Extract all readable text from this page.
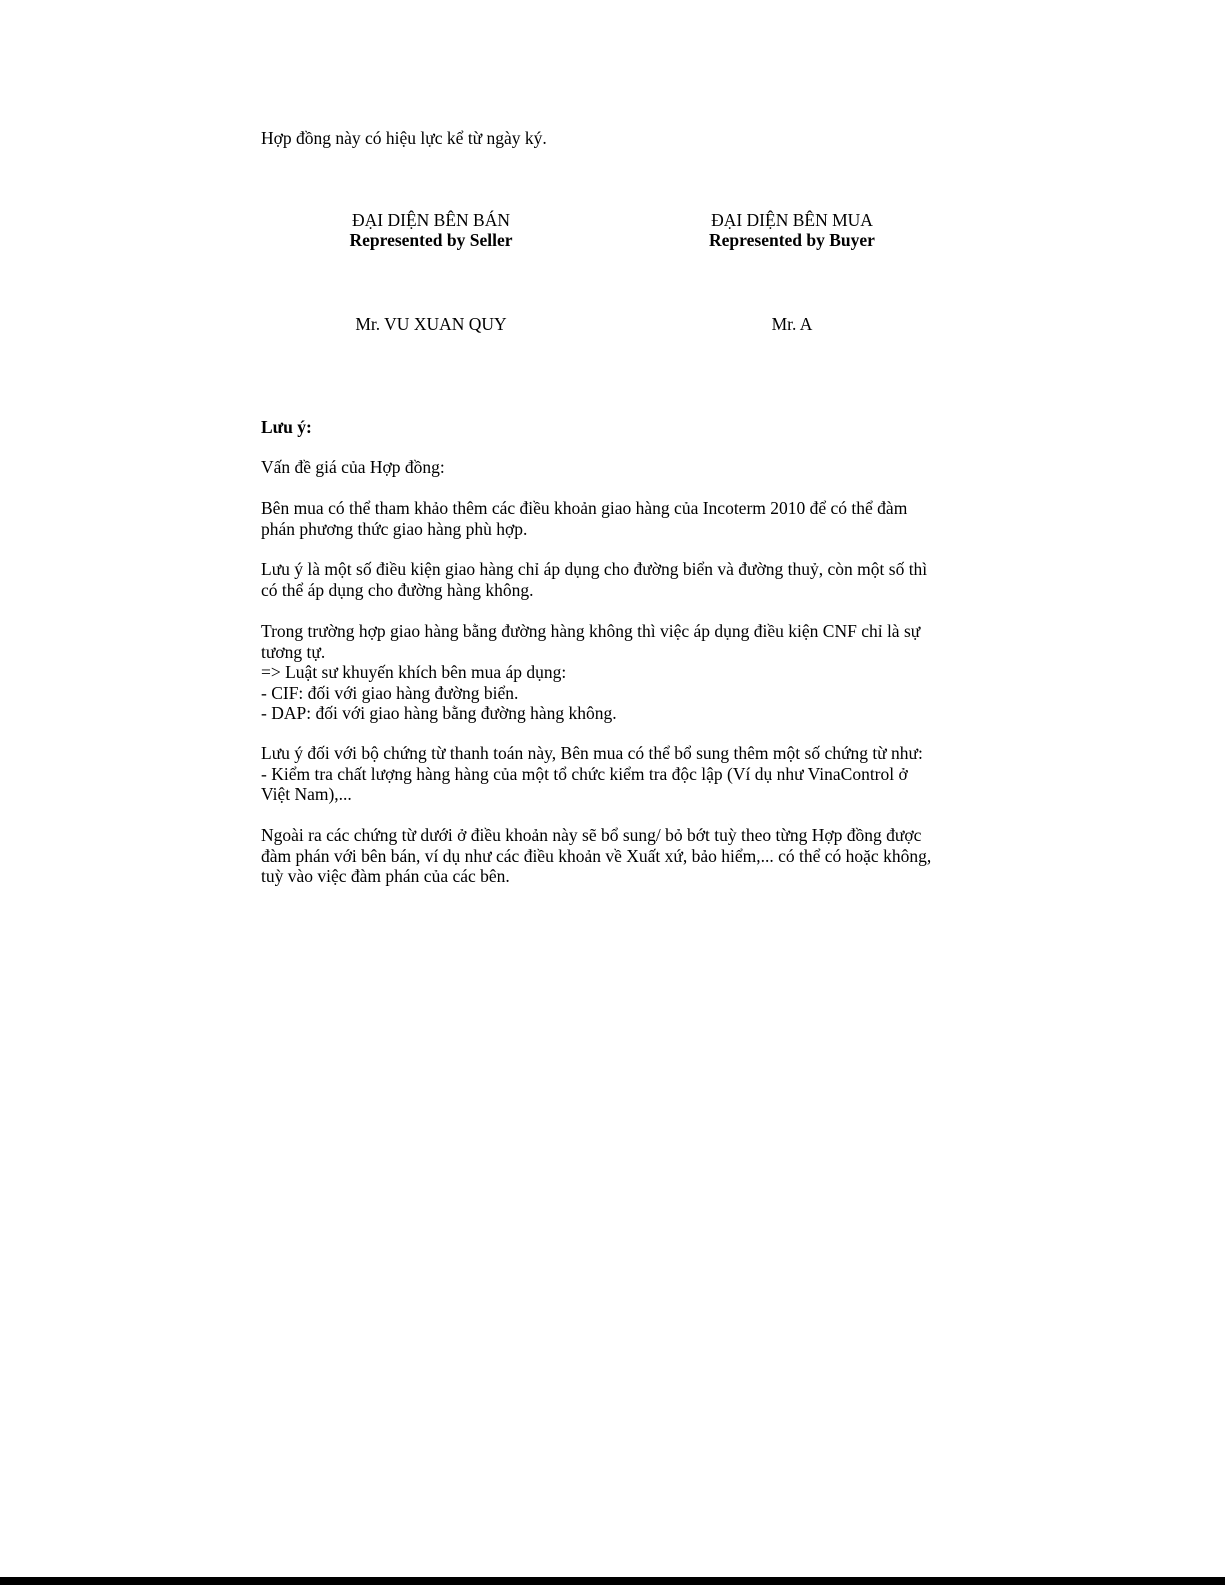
Hợp đồng này có hiệu lực kể từ ngày ký.
ĐẠI DIỆN BÊN BÁN
Represented by Seller
Mr. VU XUAN QUY
ĐẠI DIỆN BÊN MUA
Represented by Buyer
Mr. A
Lưu ý:
Vấn đề giá của Hợp đồng:
Bên mua có thể tham khảo thêm các điều khoản giao hàng của Incoterm 2010 để có thể đàm
phán phương thức giao hàng phù hợp.
Lưu ý là một số điều kiện giao hàng chỉ áp dụng cho đường biển và đường thuỷ, còn một số thì
có thể áp dụng cho đường hàng không.
Trong trường hợp giao hàng bằng đường hàng không thì việc áp dụng điều kiện CNF chỉ là sự
tương tự.
=> Luật sư khuyến khích bên mua áp dụng:
- CIF: đối với giao hàng đường biển.
- DAP: đối với giao hàng bằng đường hàng không.
Lưu ý đối với bộ chứng từ thanh toán này, Bên mua có thể bổ sung thêm một số chứng từ như:
- Kiểm tra chất lượng hàng hàng của một tổ chức kiểm tra độc lập (Ví dụ như VinaControl ở
Việt Nam),...
Ngoài ra các chứng từ dưới ở điều khoản này sẽ bổ sung/ bỏ bớt tuỳ theo từng Hợp đồng được
đàm phán với bên bán, ví dụ như các điều khoản về Xuất xứ, bảo hiểm,... có thể có hoặc không,
tuỳ vào việc đàm phán của các bên.
